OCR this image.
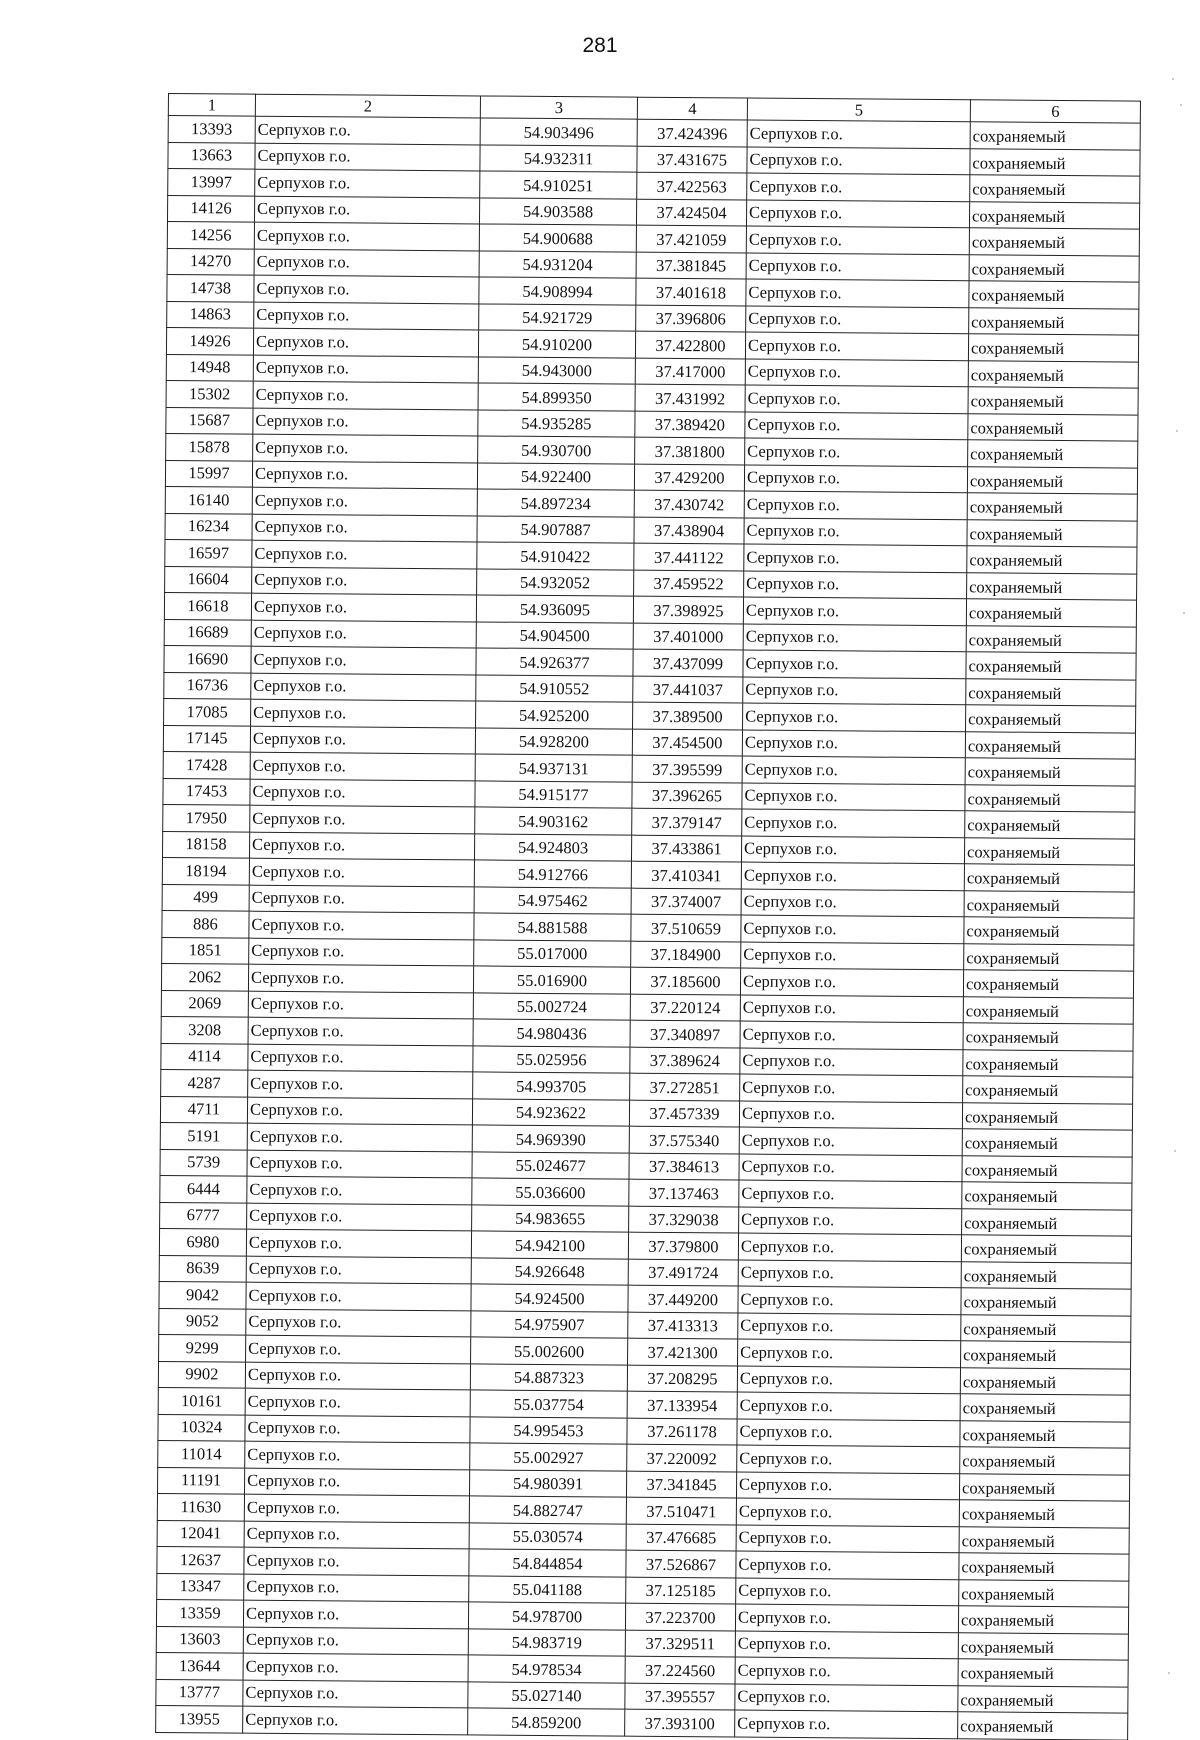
281
1	2	3	4	5	6
13393	Серпухов г.о.	54.903496	37.424396	Серпухов г.о.	сохраняемый
13663	Серпухов г.о.	54.932311	37.431675	Серпухов г.о.	сохраняемый
13997	Серпухов г.о.	54.910251	37.422563	Серпухов г.о.	сохраняемый
14126	Серпухов г.о.	54.903588	37.424504	Серпухов г.о.	сохраняемый
14256	Серпухов г.о.	54.900688	37.421059	Серпухов г.о.	сохраняемый
14270	Серпухов г.о.	54.931204	37.381845	Серпухов г.о.	сохраняемый
14738	Серпухов г.о.	54.908994	37.401618	Серпухов г.о.	сохраняемый
14863	Серпухов г.о.	54.921729	37.396806	Серпухов г.о.	сохраняемый
14926	Серпухов г.о.	54.910200	37.422800	Серпухов г.о.	сохраняемый
14948	Серпухов г.о.	54.943000	37.417000	Серпухов г.о.	сохраняемый
15302	Серпухов г.о.	54.899350	37.431992	Серпухов г.о.	сохраняемый
15687	Серпухов г.о.	54.935285	37.389420	Серпухов г.о.	сохраняемый
15878	Серпухов г.о.	54.930700	37.381800	Серпухов г.о.	сохраняемый
15997	Серпухов г.о.	54.922400	37.429200	Серпухов г.о.	сохраняемый
16140	Серпухов г.о.	54.897234	37.430742	Серпухов г.о.	сохраняемый
16234	Серпухов г.о.	54.907887	37.438904	Серпухов г.о.	сохраняемый
16597	Серпухов г.о.	54.910422	37.441122	Серпухов г.о.	сохраняемый
16604	Серпухов г.о.	54.932052	37.459522	Серпухов г.о.	сохраняемый
16618	Серпухов г.о.	54.936095	37.398925	Серпухов г.о.	сохраняемый
16689	Серпухов г.о.	54.904500	37.401000	Серпухов г.о.	сохраняемый
16690	Серпухов г.о.	54.926377	37.437099	Серпухов г.о.	сохраняемый
16736	Серпухов г.о.	54.910552	37.441037	Серпухов г.о.	сохраняемый
17085	Серпухов г.о.	54.925200	37.389500	Серпухов г.о.	сохраняемый
17145	Серпухов г.о.	54.928200	37.454500	Серпухов г.о.	сохраняемый
17428	Серпухов г.о.	54.937131	37.395599	Серпухов г.о.	сохраняемый
17453	Серпухов г.о.	54.915177	37.396265	Серпухов г.о.	сохраняемый
17950	Серпухов г.о.	54.903162	37.379147	Серпухов г.о.	сохраняемый
18158	Серпухов г.о.	54.924803	37.433861	Серпухов г.о.	сохраняемый
18194	Серпухов г.о.	54.912766	37.410341	Серпухов г.о.	сохраняемый
499	Серпухов г.о.	54.975462	37.374007	Серпухов г.о.	сохраняемый
886	Серпухов г.о.	54.881588	37.510659	Серпухов г.о.	сохраняемый
1851	Серпухов г.о.	55.017000	37.184900	Серпухов г.о.	сохраняемый
2062	Серпухов г.о.	55.016900	37.185600	Серпухов г.о.	сохраняемый
2069	Серпухов г.о.	55.002724	37.220124	Серпухов г.о.	сохраняемый
3208	Серпухов г.о.	54.980436	37.340897	Серпухов г.о.	сохраняемый
4114	Серпухов г.о.	55.025956	37.389624	Серпухов г.о.	сохраняемый
4287	Серпухов г.о.	54.993705	37.272851	Серпухов г.о.	сохраняемый
4711	Серпухов г.о.	54.923622	37.457339	Серпухов г.о.	сохраняемый
5191	Серпухов г.о.	54.969390	37.575340	Серпухов г.о.	сохраняемый
5739	Серпухов г.о.	55.024677	37.384613	Серпухов г.о.	сохраняемый
6444	Серпухов г.о.	55.036600	37.137463	Серпухов г.о.	сохраняемый
6777	Серпухов г.о.	54.983655	37.329038	Серпухов г.о.	сохраняемый
6980	Серпухов г.о.	54.942100	37.379800	Серпухов г.о.	сохраняемый
8639	Серпухов г.о.	54.926648	37.491724	Серпухов г.о.	сохраняемый
9042	Серпухов г.о.	54.924500	37.449200	Серпухов г.о.	сохраняемый
9052	Серпухов г.о.	54.975907	37.413313	Серпухов г.о.	сохраняемый
9299	Серпухов г.о.	55.002600	37.421300	Серпухов г.о.	сохраняемый
9902	Серпухов г.о.	54.887323	37.208295	Серпухов г.о.	сохраняемый
10161	Серпухов г.о.	55.037754	37.133954	Серпухов г.о.	сохраняемый
10324	Серпухов г.о.	54.995453	37.261178	Серпухов г.о.	сохраняемый
11014	Серпухов г.о.	55.002927	37.220092	Серпухов г.о.	сохраняемый
11191	Серпухов г.о.	54.980391	37.341845	Серпухов г.о.	сохраняемый
11630	Серпухов г.о.	54.882747	37.510471	Серпухов г.о.	сохраняемый
12041	Серпухов г.о.	55.030574	37.476685	Серпухов г.о.	сохраняемый
12637	Серпухов г.о.	54.844854	37.526867	Серпухов г.о.	сохраняемый
13347	Серпухов г.о.	55.041188	37.125185	Серпухов г.о.	сохраняемый
13359	Серпухов г.о.	54.978700	37.223700	Серпухов г.о.	сохраняемый
13603	Серпухов г.о.	54.983719	37.329511	Серпухов г.о.	сохраняемый
13644	Серпухов г.о.	54.978534	37.224560	Серпухов г.о.	сохраняемый
13777	Серпухов г.о.	55.027140	37.395557	Серпухов г.о.	сохраняемый
13955	Серпухов г.о.	54.859200	37.393100	Серпухов г.о.	сохраняемый
